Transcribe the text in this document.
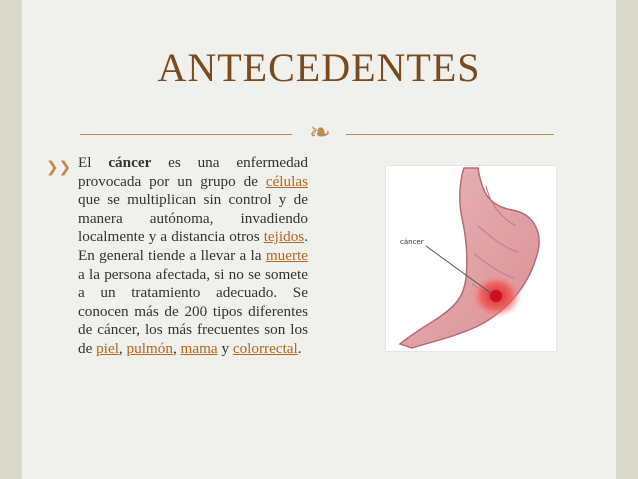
ANTECEDENTES
❧
❯❯ El cáncer es una enfermedad provocada por un grupo de células que se multiplican sin control y de manera autónoma, invadiendo localmente y a distancia otros tejidos. En general tiende a llevar a la muerte a la persona afectada, si no se somete a un tratamiento adecuado. Se conocen más de 200 tipos diferentes de cáncer, los más frecuentes son los de piel, pulmón, mama y colorrectal.
cáncer
